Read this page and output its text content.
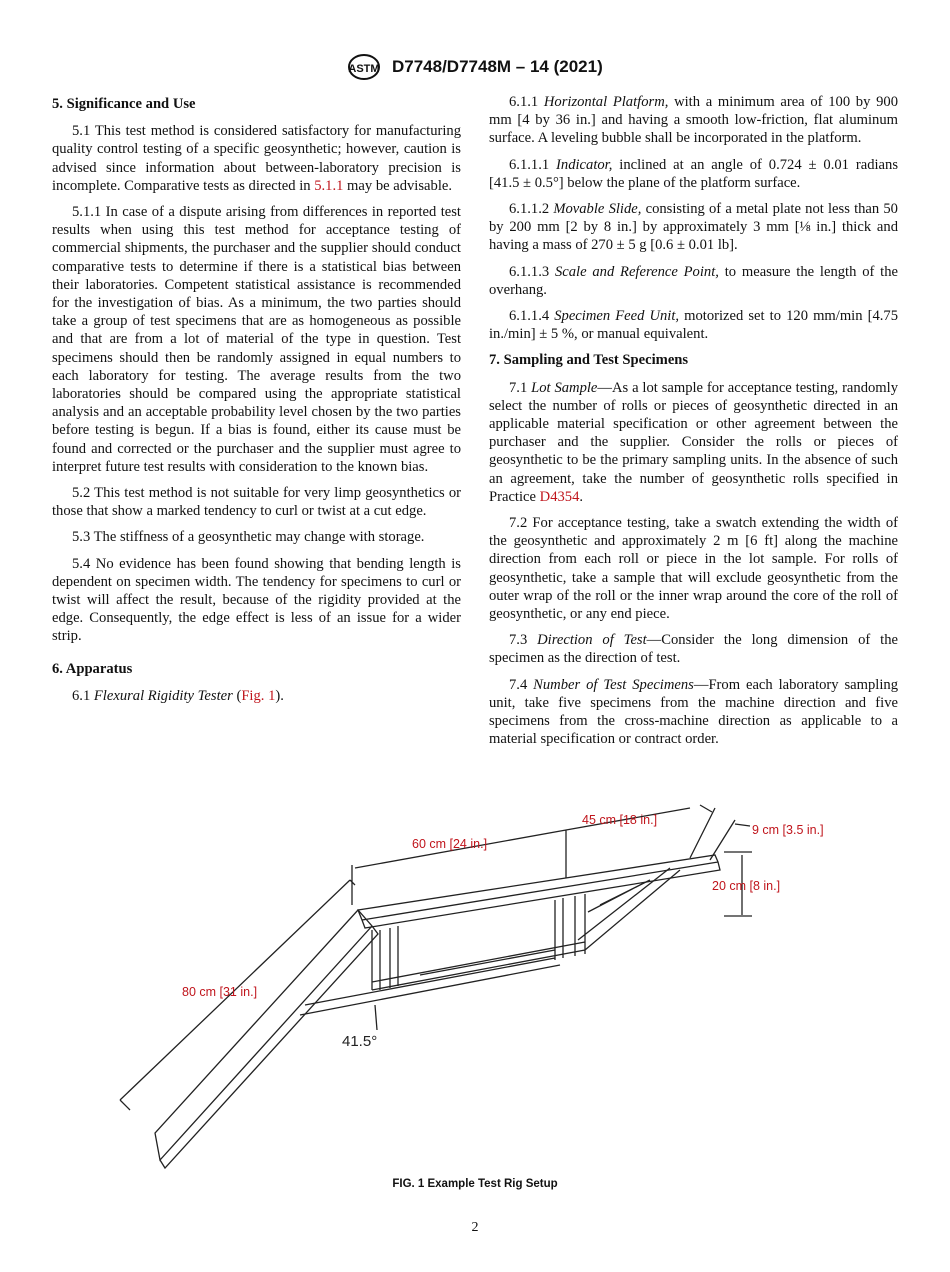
ASTM D7748/D7748M – 14 (2021)
5. Significance and Use

5.1 This test method is considered satisfactory for manufacturing quality control testing of a specific geosynthetic; however, caution is advised since information about between-laboratory precision is incomplete. Comparative tests as directed in 5.1.1 may be advisable.

5.1.1 In case of a dispute arising from differences in reported test results when using this test method for acceptance testing of commercial shipments, the purchaser and the supplier should conduct comparative tests to determine if there is a statistical bias between their laboratories. Competent statistical assistance is recommended for the investigation of bias. As a minimum, the two parties should take a group of test specimens that are as homogeneous as possible and that are from a lot of material of the type in question. Test specimens should then be randomly assigned in equal numbers to each laboratory for testing. The average results from the two laboratories should be compared using the appropriate statistical analysis and an acceptable probability level chosen by the two parties before testing is begun. If a bias is found, either its cause must be found and corrected or the purchaser and the supplier must agree to interpret future test results with consideration to the known bias.

5.2 This test method is not suitable for very limp geosynthetics or those that show a marked tendency to curl or twist at a cut edge.

5.3 The stiffness of a geosynthetic may change with storage.

5.4 No evidence has been found showing that bending length is dependent on specimen width. The tendency for specimens to curl or twist will affect the result, because of the rigidity provided at the edge. Consequently, the edge effect is less of an issue for a wider strip.

6. Apparatus

6.1 Flexural Rigidity Tester (Fig. 1).

6.1.1 Horizontal Platform, with a minimum area of 100 by 900 mm [4 by 36 in.] and having a smooth low-friction, flat aluminum surface. A leveling bubble shall be incorporated in the platform.

6.1.1.1 Indicator, inclined at an angle of 0.724 ± 0.01 radians [41.5 ± 0.5°] below the plane of the platform surface.

6.1.1.2 Movable Slide, consisting of a metal plate not less than 50 by 200 mm [2 by 8 in.] by approximately 3 mm [⅛ in.] thick and having a mass of 270 ± 5 g [0.6 ± 0.01 lb].

6.1.1.3 Scale and Reference Point, to measure the length of the overhang.

6.1.1.4 Specimen Feed Unit, motorized set to 120 mm/min [4.75 in./min] ± 5 %, or manual equivalent.

7. Sampling and Test Specimens

7.1 Lot Sample—As a lot sample for acceptance testing, randomly select the number of rolls or pieces of geosynthetic directed in an applicable material specification or other agreement between the purchaser and the supplier. Consider the rolls or pieces of geosynthetic to be the primary sampling units. In the absence of such an agreement, take the number of geosynthetic rolls specified in Practice D4354.

7.2 For acceptance testing, take a swatch extending the width of the geosynthetic and approximately 2 m [6 ft] along the machine direction from each roll or piece in the lot sample. For rolls of geosynthetic, take a sample that will exclude geosynthetic from the outer wrap of the roll or the inner wrap around the core of the roll of geosynthetic, or any end piece.

7.3 Direction of Test—Consider the long dimension of the specimen as the direction of test.

7.4 Number of Test Specimens—From each laboratory sampling unit, take five specimens from the machine direction and five specimens from the cross-machine direction as applicable to a material specification or contract order.

60 cm [24 in.]
45 cm [18 in.]
9 cm [3.5 in.]
20 cm [8 in.]
80 cm [31 in.]
41.5°
FIG. 1 Example Test Rig Setup
2
